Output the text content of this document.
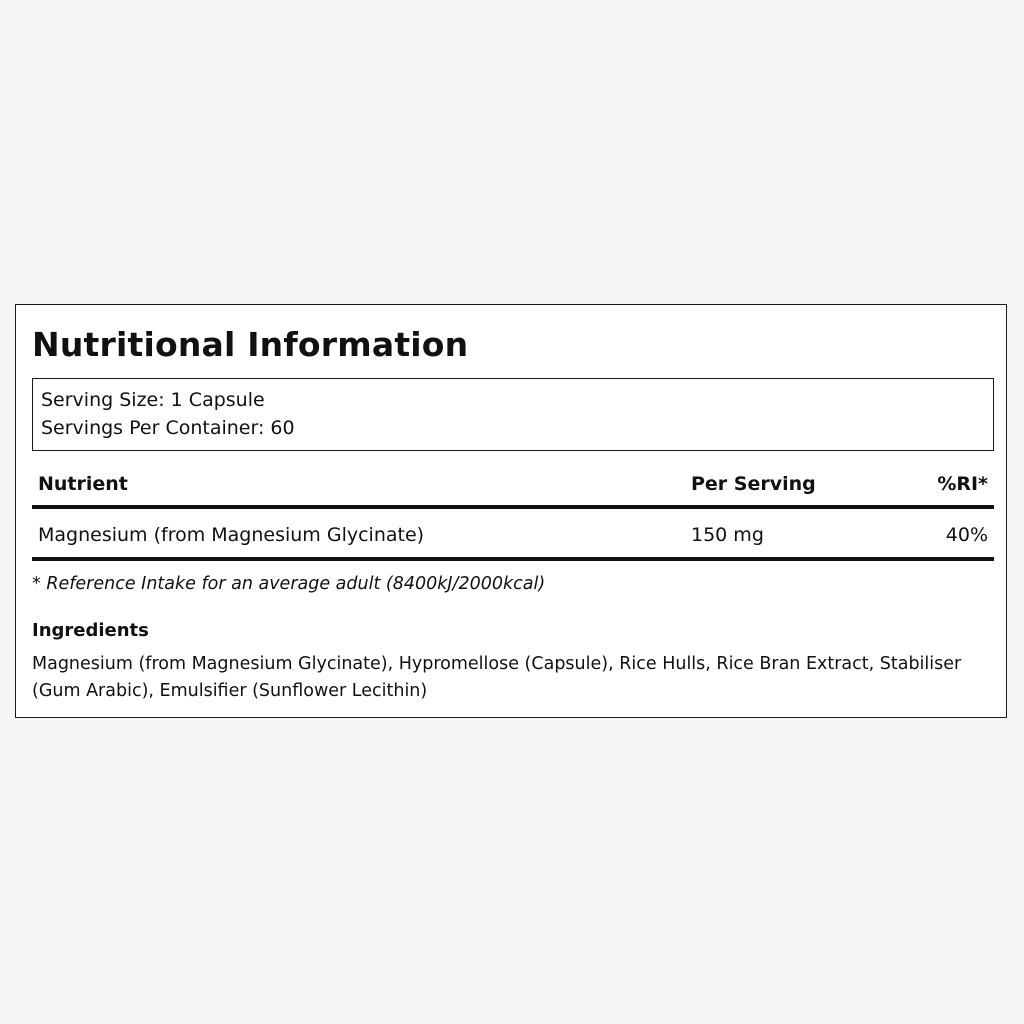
Nutritional Information
Serving Size: 1 Capsule
Servings Per Container: 60
Nutrient	Per Serving	%RI*
Magnesium (from Magnesium Glycinate)	150 mg	40%
* Reference Intake for an average adult (8400kJ/2000kcal)
Ingredients
Magnesium (from Magnesium Glycinate), Hypromellose (Capsule), Rice Hulls, Rice Bran Extract, Stabiliser (Gum Arabic), Emulsifier (Sunflower Lecithin)
